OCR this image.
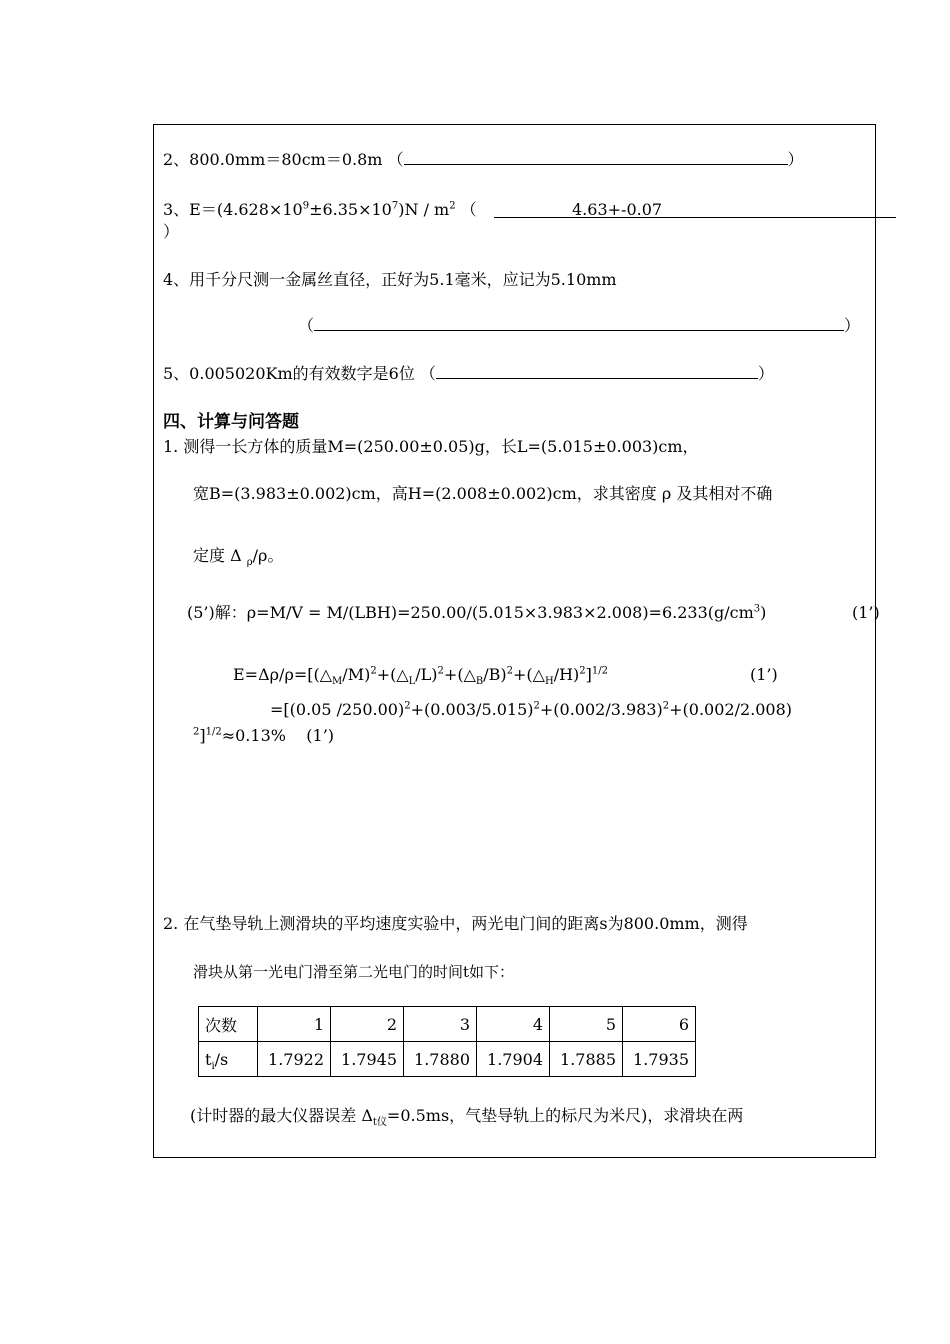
2、800.0mm＝80cm＝0.8m （	）
3、$E=(4.628\times 10^9\pm 6.35\times 10^7)N / m^2$ （	4.63+-0.07
）
4、用千分尺测一金属丝直径，正好为5.1毫米，应记为5.10mm
（	）
5、0.005020Km的有效数字是6位 （	）
四、计算与问答题
1. 测得一长方体的质量M=(250.00±0.05)g，长L=(5.015±0.003)cm，
宽B=(3.983±0.002)cm，高H=(2.008±0.002)cm，求其密度 ρ 及其相对不确
定度 Δ $_\rho$/ρ。
(5’)解：$\rho=M/V = M/(LBH)=250.00/(5.015\times 3.983\times 2.008)=6.233(g/cm^3)$	(1’)
$E=\Delta\rho/\rho=[(\triangle_M/M)^2+(\triangle_L/L)^2+(\triangle_B/B)^2+(\triangle_H/H)^2]^{1/2}$	(1’)
=[(0.05 $/250.00)^2+(0.003/5.015)^2+(0.002/3.983)^2+(0.002/2.008)$
$^2$]$^{1/2}$≈0.13% (1’)
2. 在气垫导轨上测滑块的平均速度实验中，两光电门间的距离s为800.0mm，测得
滑块从第一光电门滑至第二光电门的时间t如下：
次数	1	2	3	4	5	6
$t_i/s$	1.7922	1.7945	1.7880	1.7904	1.7885	1.7935
(计时器的最大仪器误差 $\Delta_{t仪}=0.5ms$，气垫导轨上的标尺为米尺)，求滑块在两
